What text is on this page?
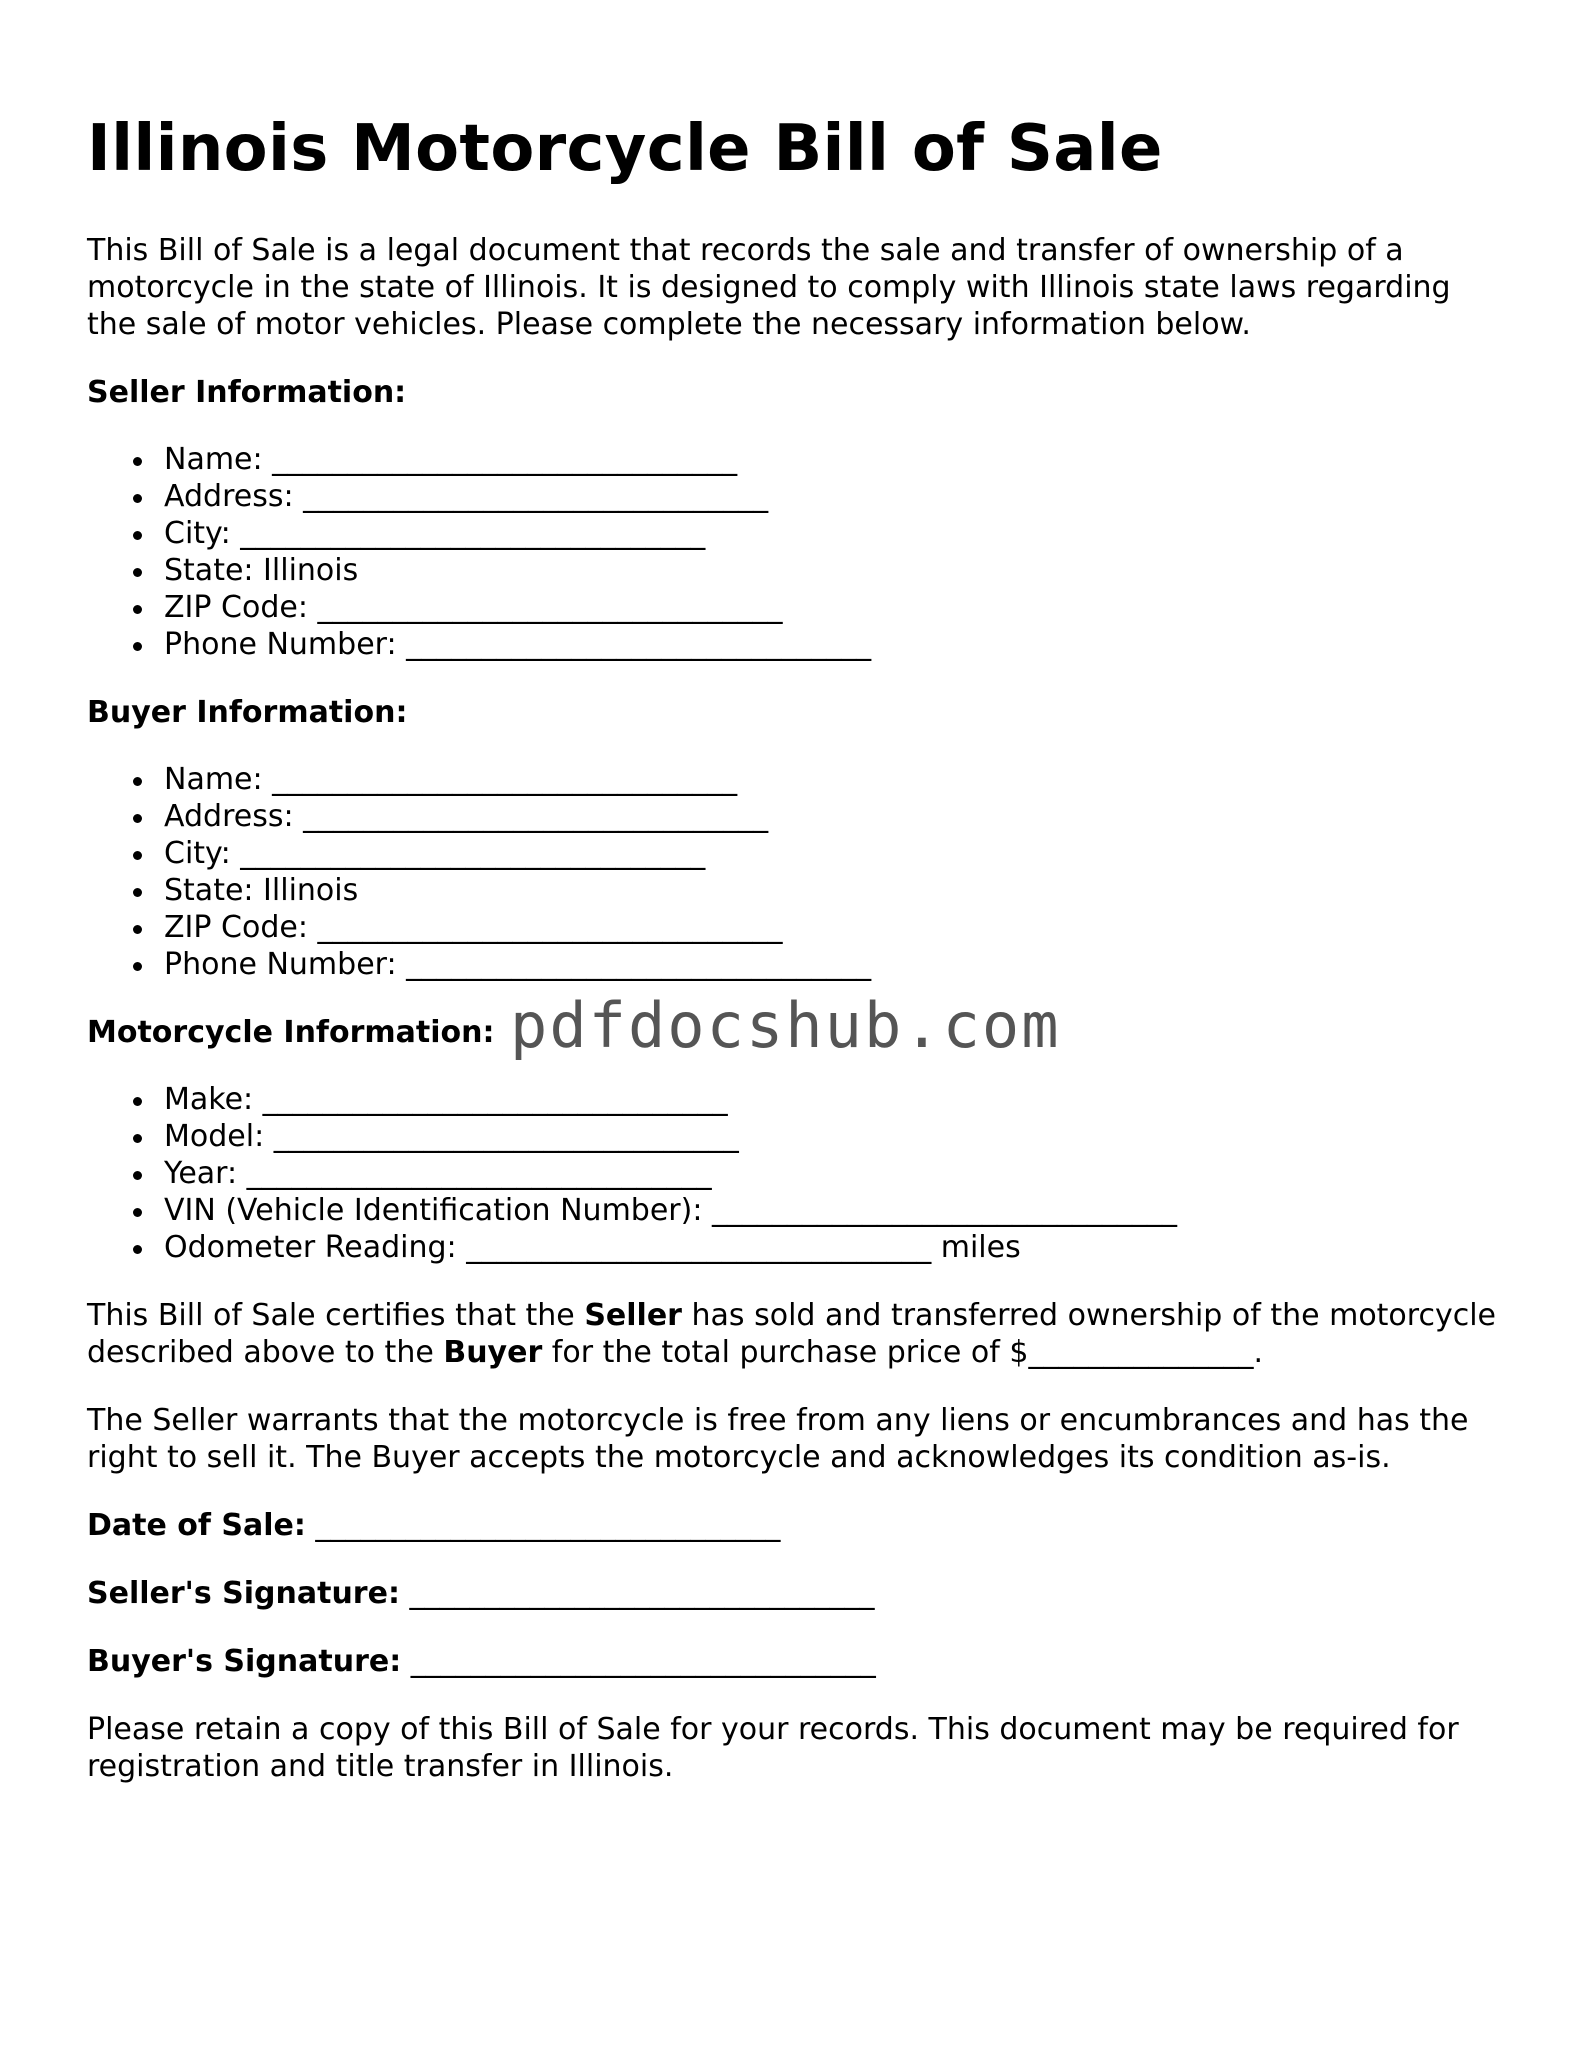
Illinois Motorcycle Bill of Sale

This Bill of Sale is a legal document that records the sale and transfer of ownership of a motorcycle in the state of Illinois. It is designed to comply with Illinois state laws regarding the sale of motor vehicles. Please complete the necessary information below.

Seller Information:
Name: _______________________________
Address: _______________________________
City: _______________________________
State: Illinois
ZIP Code: _______________________________
Phone Number: _______________________________
Buyer Information:
Name: _______________________________
Address: _______________________________
City: _______________________________
State: Illinois
ZIP Code: _______________________________
Phone Number: _______________________________
Motorcycle Information:
Make: _______________________________
Model: _______________________________
Year: _______________________________
VIN (Vehicle Identification Number): _______________________________
Odometer Reading: _______________________________ miles

This Bill of Sale certifies that the Seller has sold and transferred ownership of the motorcycle described above to the Buyer for the total purchase price of $_______________.

The Seller warrants that the motorcycle is free from any liens or encumbrances and has the right to sell it. The Buyer accepts the motorcycle and acknowledges its condition as-is.

Date of Sale: _______________________________
Seller's Signature: _______________________________
Buyer's Signature: _______________________________

Please retain a copy of this Bill of Sale for your records. This document may be required for registration and title transfer in Illinois.

pdfdocshub.com
